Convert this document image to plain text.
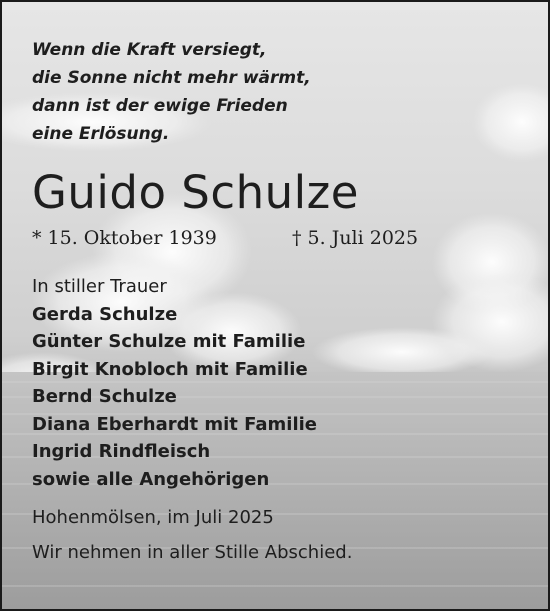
Wenn die Kraft versiegt,
die Sonne nicht mehr wärmt,
dann ist der ewige Frieden
eine Erlösung.
Guido Schulze
* 15. Oktober 1939	† 5. Juli 2025
In stiller Trauer
Gerda Schulze
Günter Schulze mit Familie
Birgit Knobloch mit Familie
Bernd Schulze
Diana Eberhardt mit Familie
Ingrid Rindfleisch
sowie alle Angehörigen
Hohenmölsen, im Juli 2025
Wir nehmen in aller Stille Abschied.
